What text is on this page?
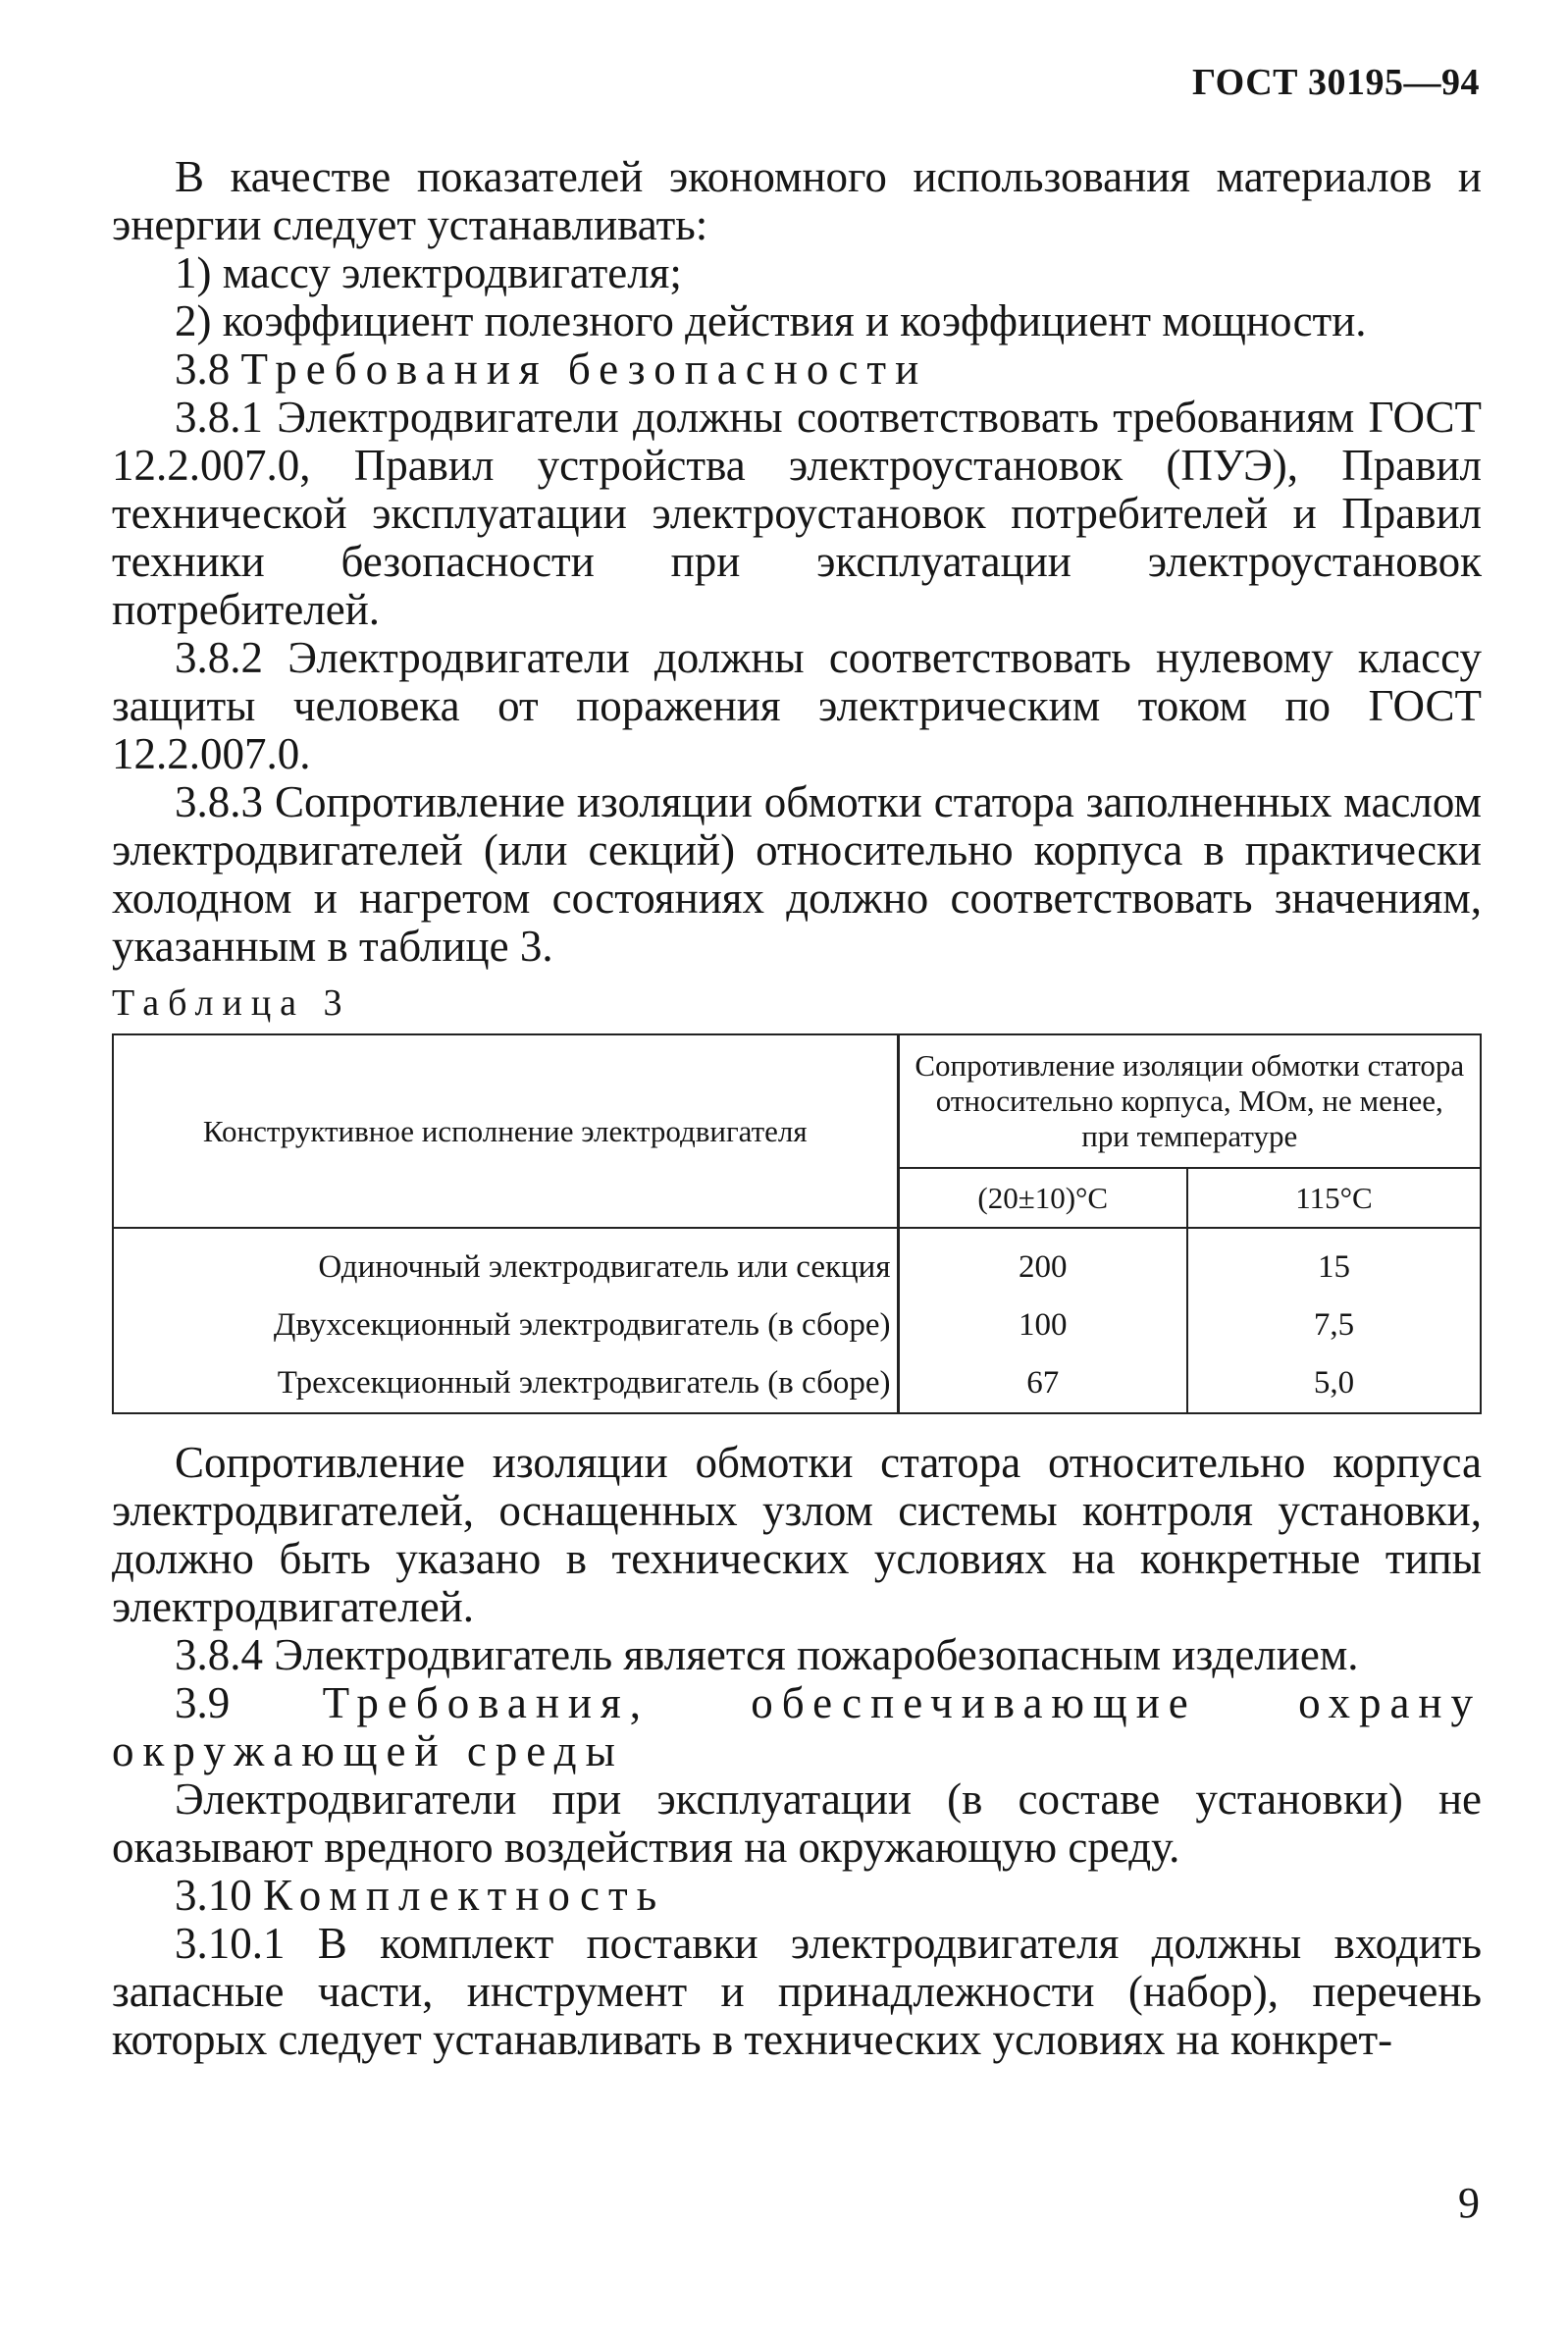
ГОСТ 30195—94

В качестве показателей экономного использования материалов и энергии следует устанавливать:

1) массу электродвигателя;

2) коэффициент полезного действия и коэффициент мощности.

3.8 Требования безопасности

3.8.1 Электродвигатели должны соответствовать требованиям ГОСТ 12.2.007.0, Правил устройства электроустановок (ПУЭ), Правил технической эксплуатации электроустановок потребителей и Правил техники безопасности при эксплуатации электроустановок потребителей.

3.8.2 Электродвигатели должны соответствовать нулевому классу защиты человека от поражения электрическим током по ГОСТ 12.2.007.0.

3.8.3 Сопротивление изоляции обмотки статора заполненных маслом электродвигателей (или секций) относительно корпуса в практически холодном и нагретом состояниях должно соответствовать значениям, указанным в таблице 3.

Таблица 3
Конструктивное исполнение электродвигателя	Сопротивление изоляции обмотки статора относительно корпуса, МОм, не менее, при температуре	
	(20±10)°C	115°C
Одиночный электродвигатель или секция	200	15
Двухсекционный электродвигатель (в сборе)	100	7,5
Трехсекционный электродвигатель (в сборе)	67	5,0

Сопротивление изоляции обмотки статора относительно корпуса электродвигателей, оснащенных узлом системы контроля установки, должно быть указано в технических условиях на конкретные типы электродвигателей.

3.8.4 Электродвигатель является пожаробезопасным изделием.

3.9 Требования, обеспечивающие охрану окружающей среды

Электродвигатели при эксплуатации (в составе установки) не оказывают вредного воздействия на окружающую среду.

3.10 Комплектность

3.10.1 В комплект поставки электродвигателя должны входить запасные части, инструмент и принадлежности (набор), перечень которых следует устанавливать в технических условиях на конкрет-

9
